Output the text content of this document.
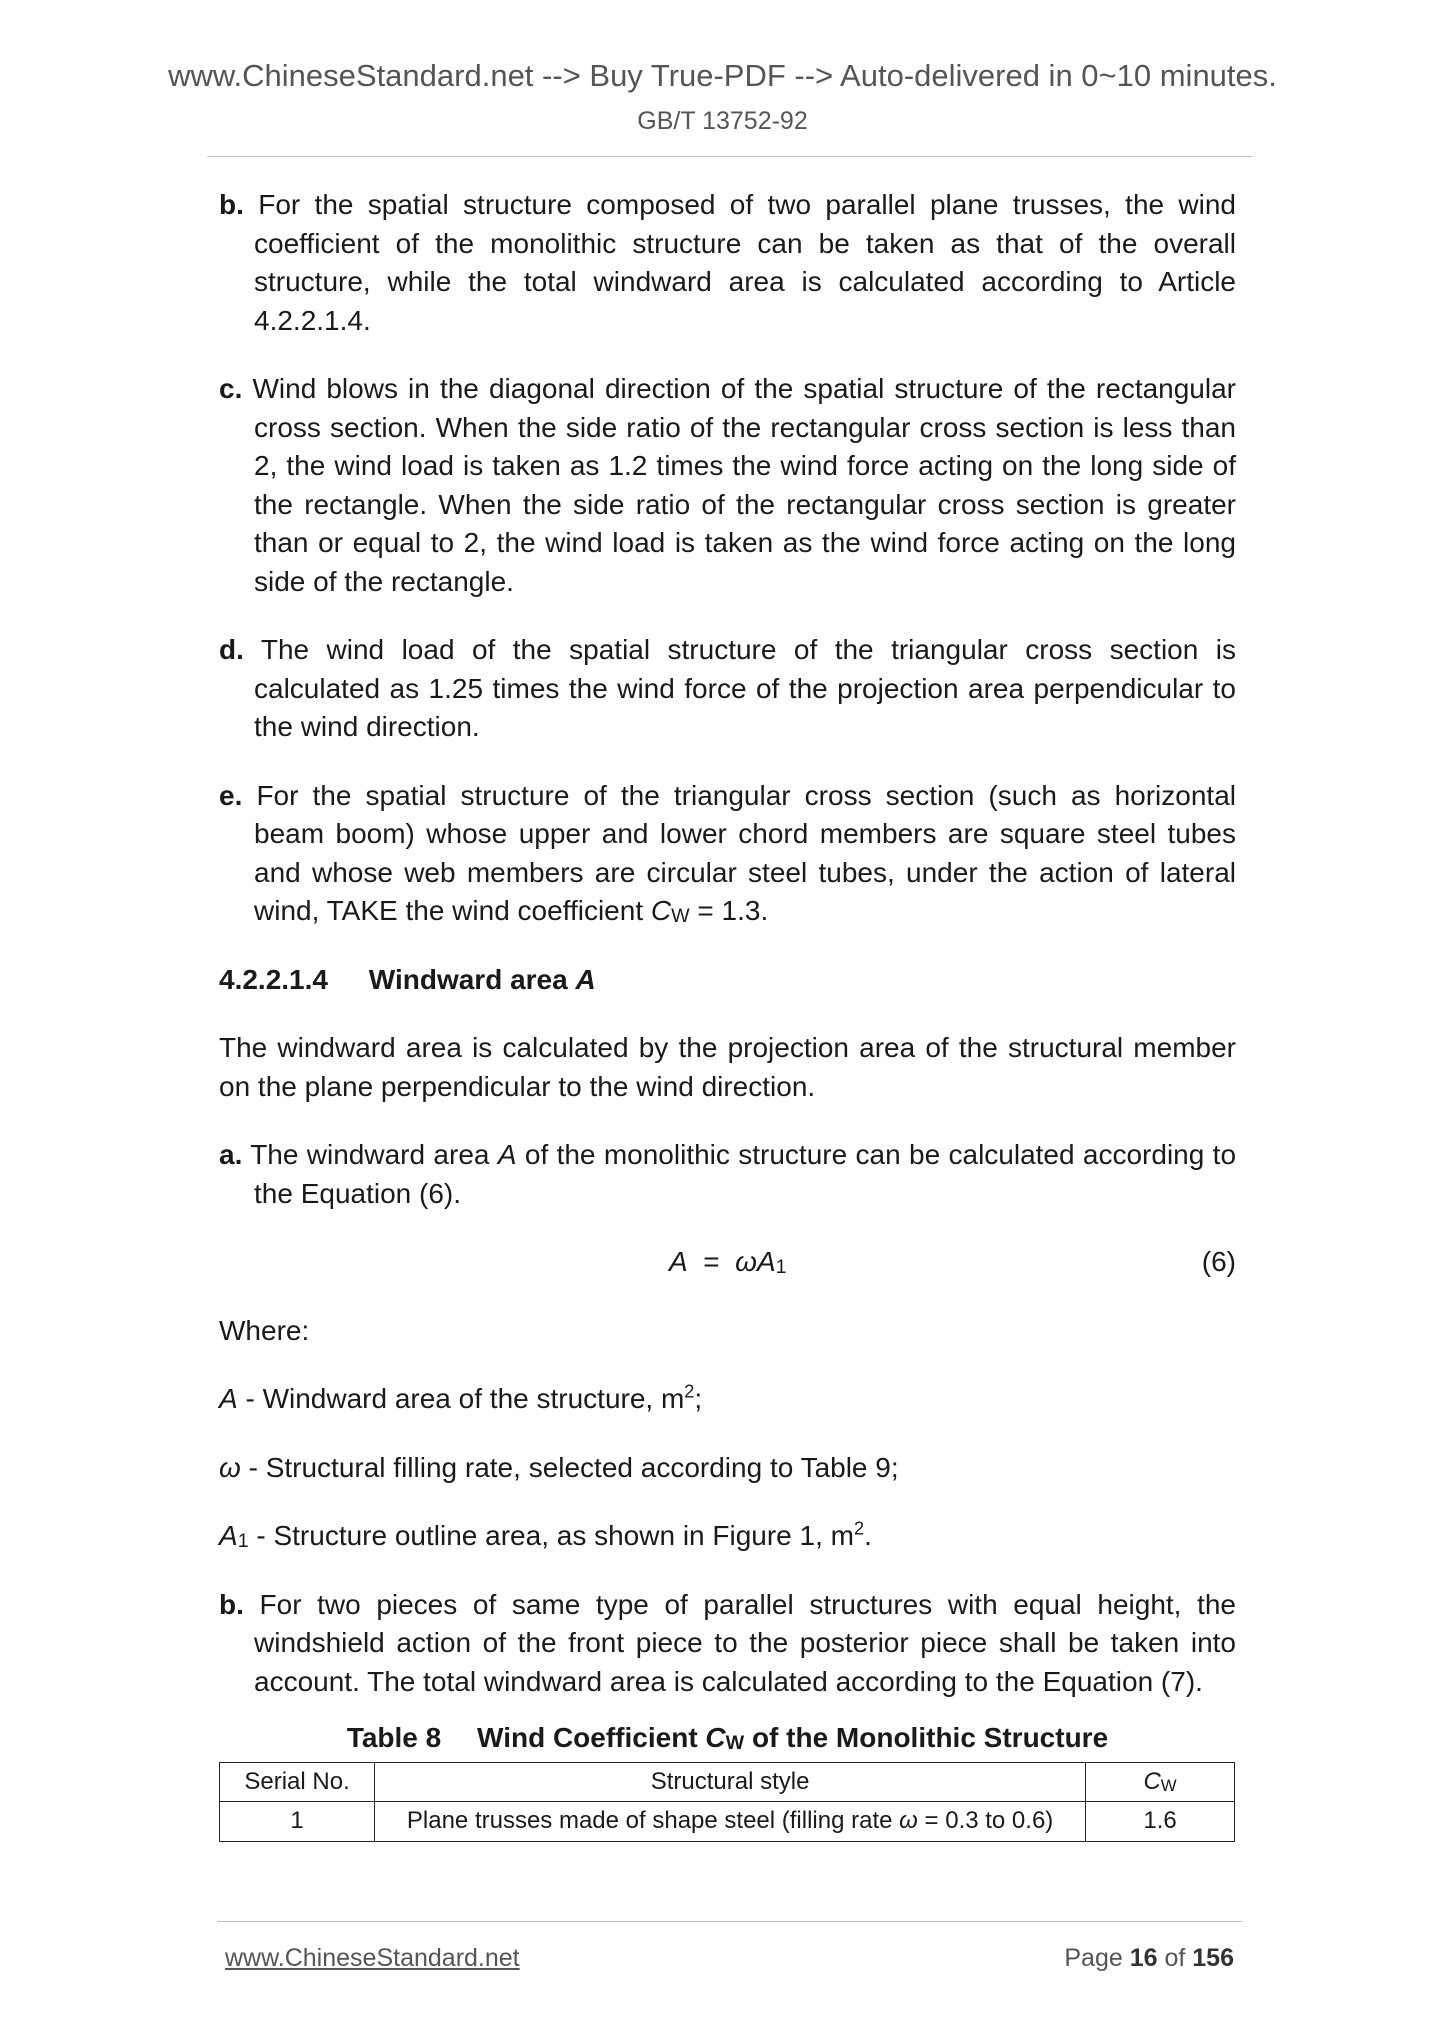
www.ChineseStandard.net --> Buy True-PDF --> Auto-delivered in 0~10 minutes.
GB/T 13752-92
b. For the spatial structure composed of two parallel plane trusses, the wind coefficient of the monolithic structure can be taken as that of the overall structure, while the total windward area is calculated according to Article 4.2.2.1.4.
c. Wind blows in the diagonal direction of the spatial structure of the rectangular cross section. When the side ratio of the rectangular cross section is less than 2, the wind load is taken as 1.2 times the wind force acting on the long side of the rectangle. When the side ratio of the rectangular cross section is greater than or equal to 2, the wind load is taken as the wind force acting on the long side of the rectangle.
d. The wind load of the spatial structure of the triangular cross section is calculated as 1.25 times the wind force of the projection area perpendicular to the wind direction.
e. For the spatial structure of the triangular cross section (such as horizontal beam boom) whose upper and lower chord members are square steel tubes and whose web members are circular steel tubes, under the action of lateral wind, TAKE the wind coefficient $C_W = 1.3$.
4.2.2.1.4 Windward area A
The windward area is calculated by the projection area of the structural member on the plane perpendicular to the wind direction.
a. The windward area A of the monolithic structure can be calculated according to the Equation (6).
$A = \omega A_1$	(6)
Where:
A - Windward area of the structure, $m^2$;
ω - Structural filling rate, selected according to Table 9;
$A_1$ - Structure outline area, as shown in Figure 1, $m^2$.
b. For two pieces of same type of parallel structures with equal height, the windshield action of the front piece to the posterior piece shall be taken into account. The total windward area is calculated according to the Equation (7).
Table 8 Wind Coefficient $C_W$ of the Monolithic Structure
Serial No.	Structural style	$C_W$
1	Plane trusses made of shape steel (filling rate ω = 0.3 to 0.6)	1.6
www.ChineseStandard.net	Page 16 of 156
